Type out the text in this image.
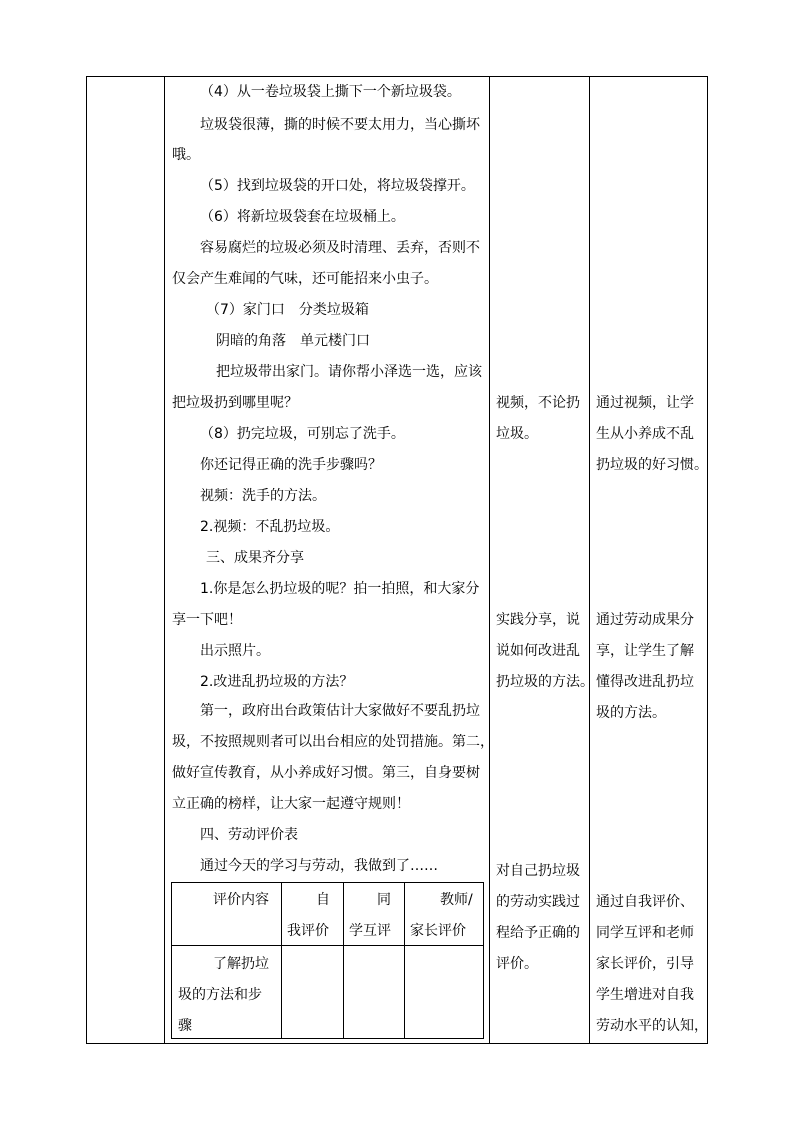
（4）从一卷垃圾袋上撕下一个新垃圾袋。
垃圾袋很薄，撕的时候不要太用力，当心撕坏
哦。
（5）找到垃圾袋的开口处，将垃圾袋撑开。
（6）将新垃圾袋套在垃圾桶上。
容易腐烂的垃圾必须及时清理、丢弃，否则不
仅会产生难闻的气味，还可能招来小虫子。
（7）家门口　分类垃圾箱
阴暗的角落　单元楼门口
把垃圾带出家门。请你帮小泽选一选，应该
把垃圾扔到哪里呢？
（8）扔完垃圾，可别忘了洗手。
你还记得正确的洗手步骤吗？
视频：洗手的方法。
2.视频：不乱扔垃圾。
三、成果齐分享
1.你是怎么扔垃圾的呢？拍一拍照，和大家分
享一下吧！
出示照片。
2.改进乱扔垃圾的方法？
第一，政府出台政策估计大家做好不要乱扔垃
圾，不按照规则者可以出台相应的处罚措施。第二，
做好宣传教育，从小养成好习惯。第三，自身要树
立正确的榜样，让大家一起遵守规则！
四、劳动评价表
通过今天的学习与劳动，我做到了……
视频，不论扔
垃圾。
实践分享，说
说如何改进乱
扔垃圾的方法。
对自己扔垃圾
的劳动实践过
程给予正确的
评价。
通过视频，让学
生从小养成不乱
扔垃圾的好习惯。
通过劳动成果分
享，让学生了解
懂得改进乱扔垃
圾的方法。
通过自我评价、
同学互评和老师
家长评价，引导
学生增进对自我
劳动水平的认知，
评价内容	自
我评价
同
学互评
教师/
家长评价
了解扔垃
圾的方法和步
骤
